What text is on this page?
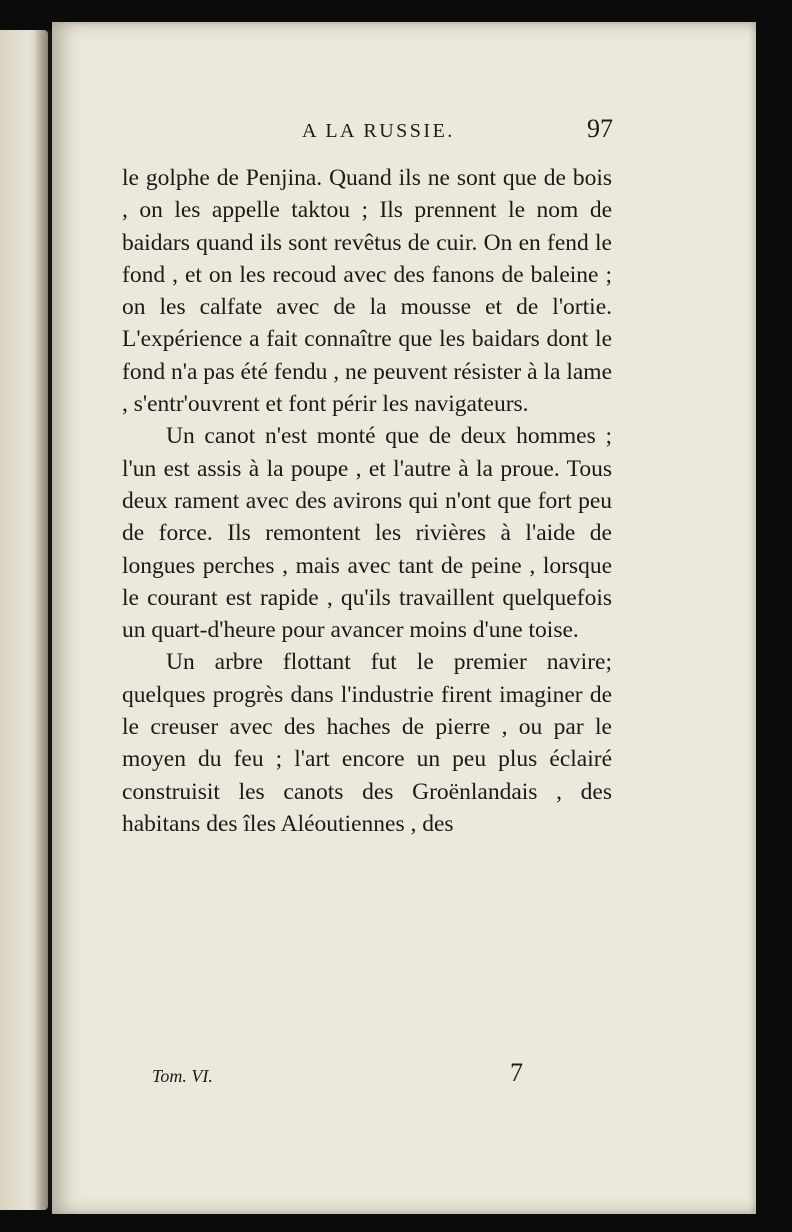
A LA RUSSIE.	97

le golphe de Penjina. Quand ils ne sont que de bois , on les appelle taktou ; Ils prennent le nom de baidars quand ils sont revêtus de cuir. On en fend le fond , et on les recoud avec des fanons de baleine ; on les calfate avec de la mousse et de l'ortie. L'expérience a fait connaître que les baidars dont le fond n'a pas été fendu , ne peuvent résister à la lame , s'entr'ouvrent et font périr les navigateurs.

Un canot n'est monté que de deux hommes ; l'un est assis à la poupe , et l'autre à la proue. Tous deux rament avec des avirons qui n'ont que fort peu de force. Ils remontent les rivières à l'aide de longues perches , mais avec tant de peine , lorsque le courant est rapide , qu'ils travaillent quelquefois un quart-d'heure pour avancer moins d'une toise.

Un arbre flottant fut le premier navire; quelques progrès dans l'industrie firent imaginer de le creuser avec des haches de pierre , ou par le moyen du feu ; l'art encore un peu plus éclairé construisit les canots des Groënlandais , des habitans des îles Aléoutiennes , des

Tom. VI.	7
